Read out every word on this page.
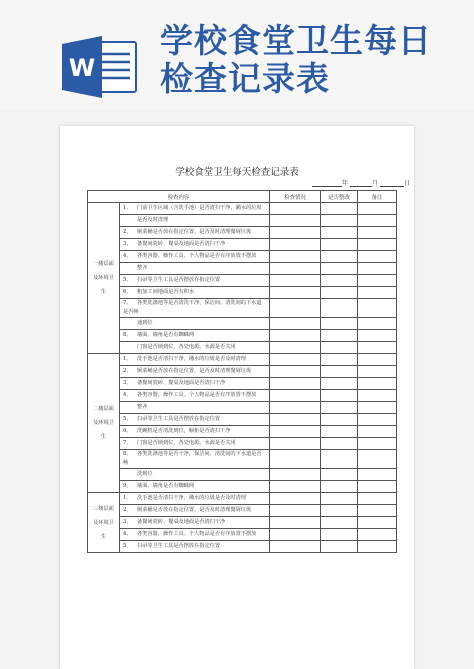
W
学校食堂卫生每日
检查记录表
学校食堂卫生每天检查记录表
年	月	日
检查内容		检查情况	是否整改	备注
一楼层面及环境卫生	1、 门前卫生区域（含洗手池）是否清扫干净，潲水的垃圾			
	是否及时清理			
	2、 厕菜桶是否放在指定位置，是否及时清理餐厨垃圾			
	3、 备餐间瓷砖、餐桌及地面是否清扫干净			
	4、 各类容器、操作工具、个人物品是否有序放置不摆放			
	整齐			
	5、 扫帚等卫生工具是否摆放在指定位置			
	6、 粗加工间地面是否有积水			
	7、 各类洗涤池等是否清洗干净，保洁间、清洗间的下水道是否畅			
	通到位			
	8、 墙面、墙角是否有蜘蛛网			
	门窗是否锁到位，各处电源、水源是否关闭			
二楼层面及环境卫生	1、 洗手池是否清扫干净，潲水的垃圾是否及时清理			
	2、 厕菜桶是否放在指定位置，是否及时清理餐厨垃圾			
	3、 备餐间瓷砖、餐桌及地面是否清扫干净			
	4、 各类容器、操作工具、个人物品是否有序放置不摆放			
	整齐			
	5、 扫帚等卫生工具是否摆放在指定位置			
	6、 洗碗机是否清洗到位，橱柜是否清扫干净			
	7、 门窗是否锁到位，各处电源、水源是否关闭			
	8、 各类洗涤池等是否干净，保洁间、清洗间的下水道是否畅			
	洗到位			
	9、 墙面、墙角是否有蜘蛛网			
三楼层面及环境卫生	1、 洗手池是否清扫干净，潲水的垃圾是否及时清理			
	2、 厕菜桶是否放在指定位置，是否及时清理餐厨垃圾			
	3、 备餐间瓷砖、餐桌及地面是否清扫干净			
	4、 各类容器、操作工具、个人物品是否有序放置不摆放			
	5、 扫帚等卫生工具是否摆放在指定位置			
